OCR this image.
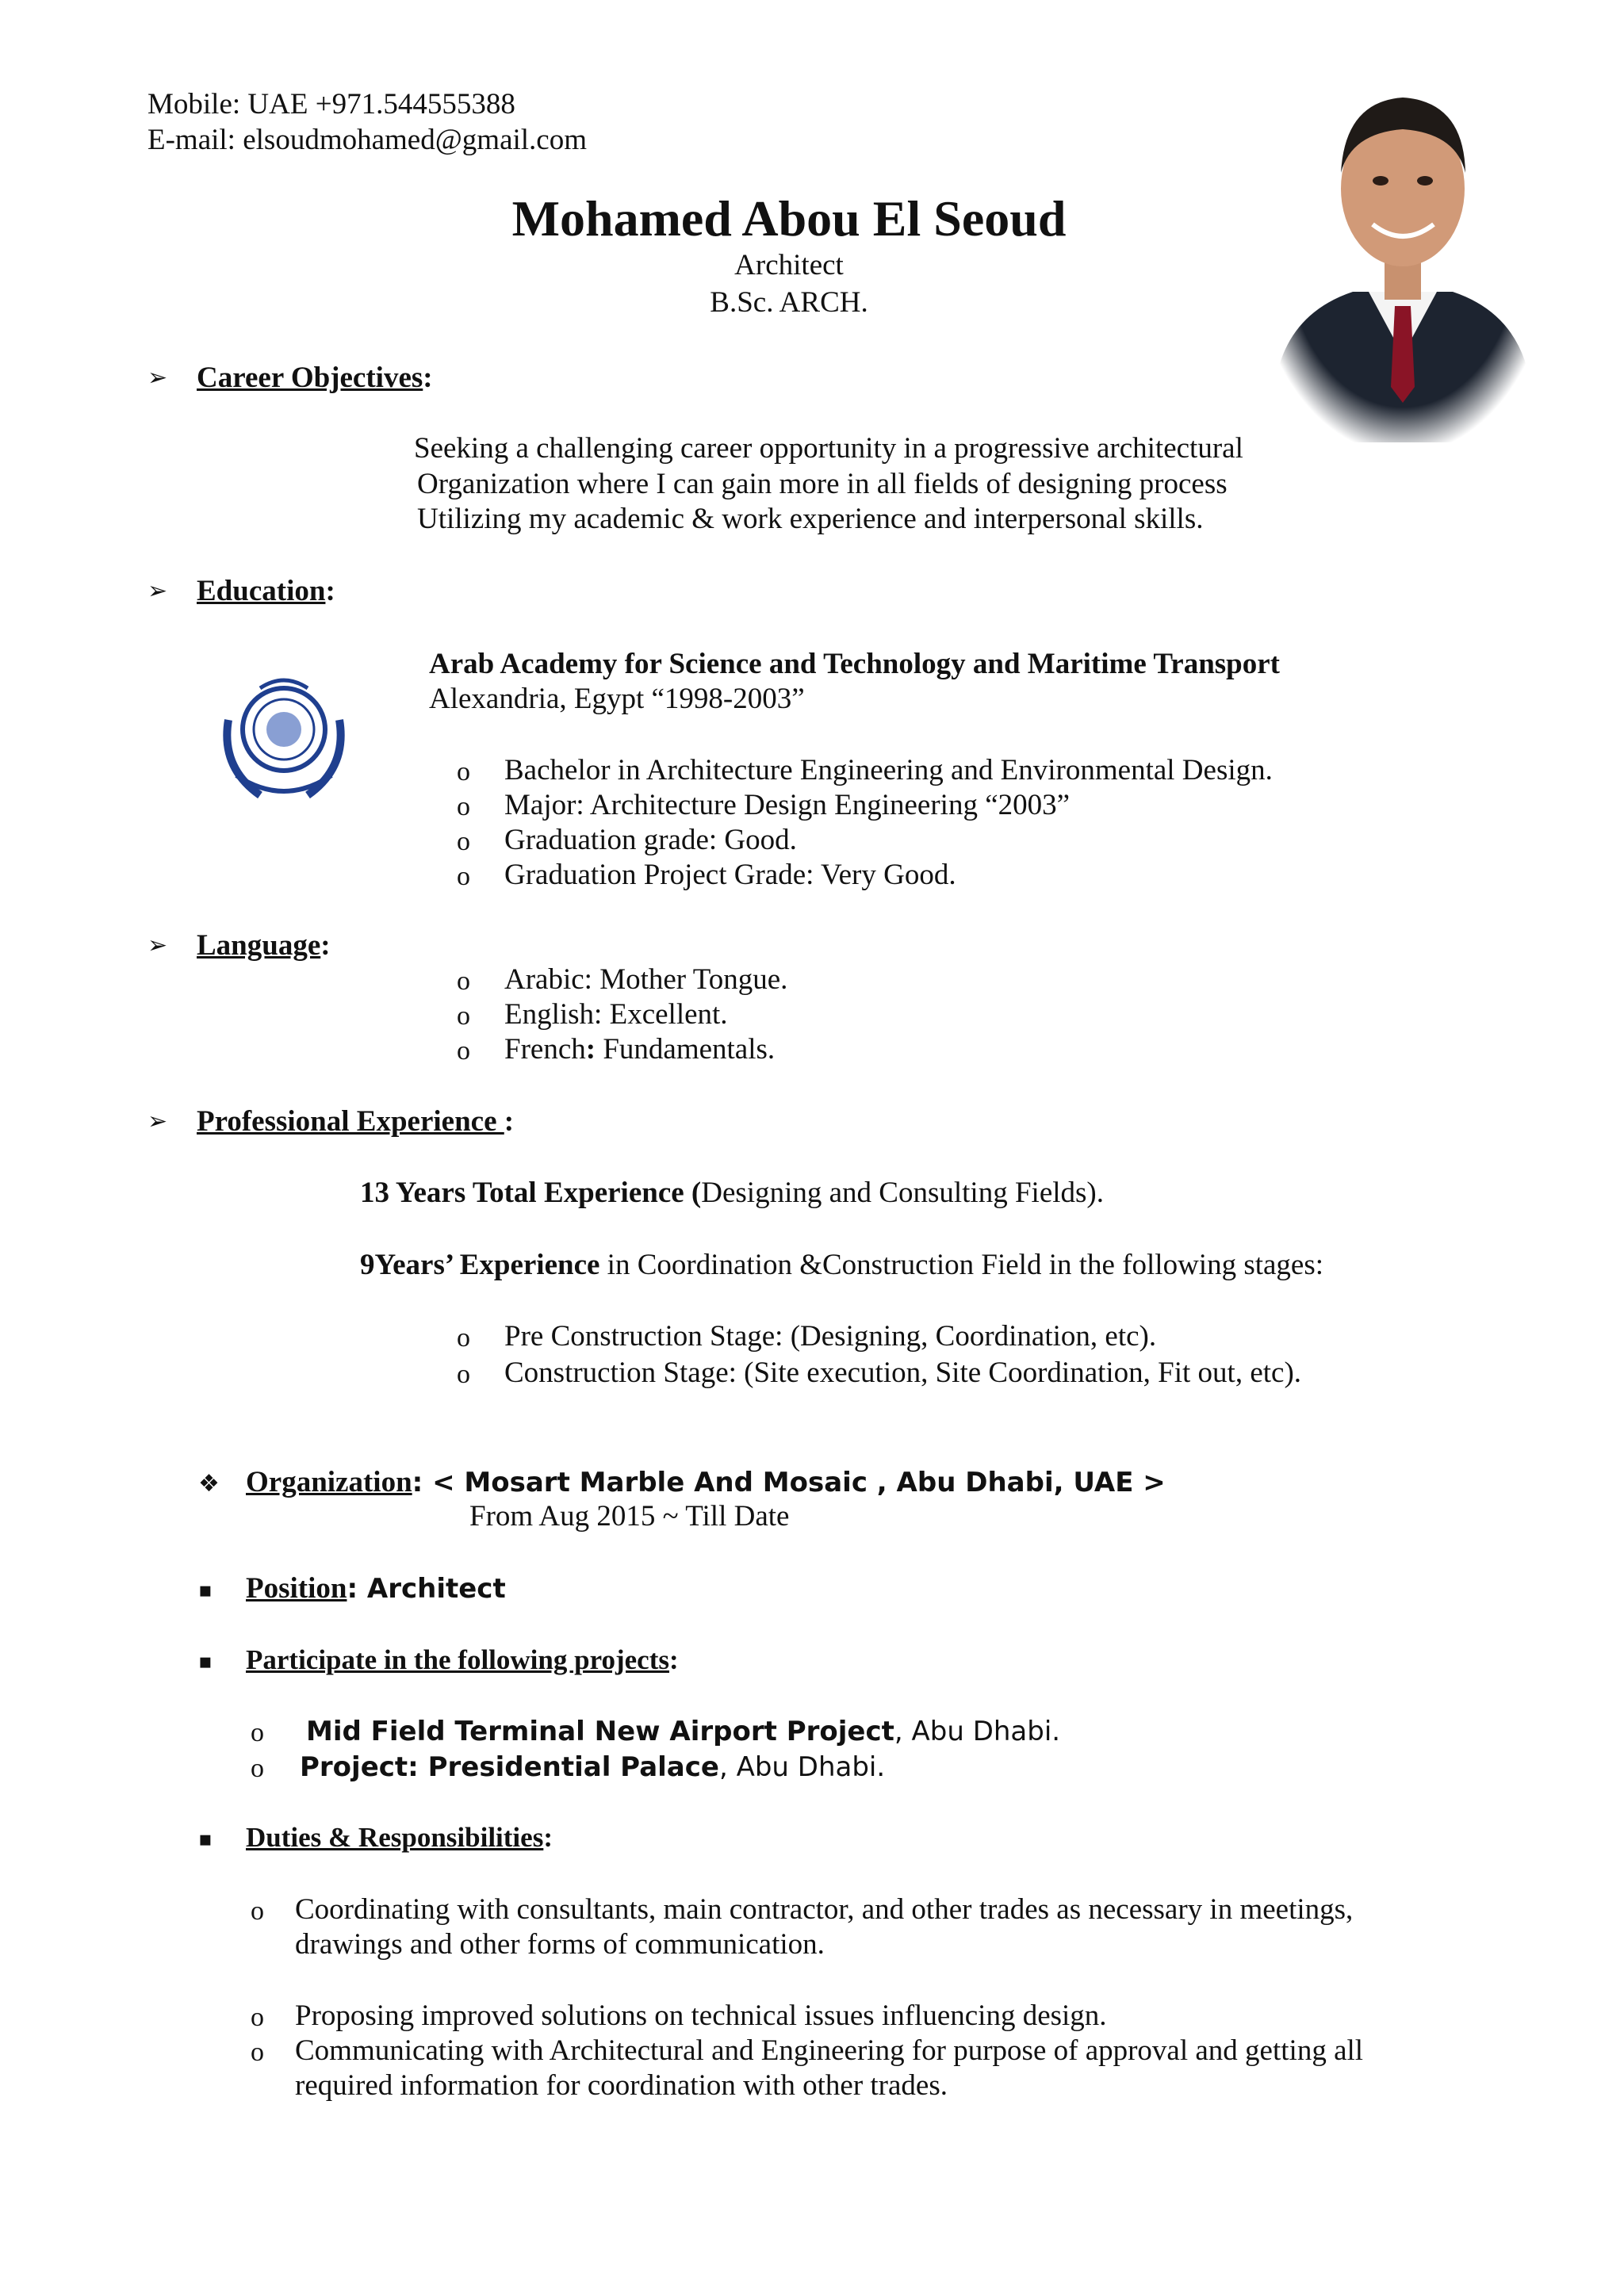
Mobile: UAE +971.544555388
E-mail: elsoudmohamed@gmail.com
Mohamed Abou El Seoud
Architect
B.Sc. ARCH.
➢ Career Objectives:
Seeking a challenging career opportunity in a progressive architectural
Organization where I can gain more in all fields of designing process
Utilizing my academic & work experience and interpersonal skills.
➢ Education:
Arab Academy for Science and Technology and Maritime Transport
Alexandria, Egypt “1998-2003”
o Bachelor in Architecture Engineering and Environmental Design.
o Major: Architecture Design Engineering “2003”
o Graduation grade: Good.
o Graduation Project Grade: Very Good.
➢ Language:
o Arabic: Mother Tongue.
o English: Excellent.
o French: Fundamentals.
➢ Professional Experience :
13 Years Total Experience (Designing and Consulting Fields).
9Years’ Experience in Coordination &Construction Field in the following stages:
o Pre Construction Stage: (Designing, Coordination, etc).
o Construction Stage: (Site execution, Site Coordination, Fit out, etc).
❖ Organization: < Mosart Marble And Mosaic , Abu Dhabi, UAE >
From Aug 2015 ~ Till Date
▪ Position: Architect
▪ Participate in the following projects:
o Mid Field Terminal New Airport Project, Abu Dhabi.
o Project: Presidential Palace, Abu Dhabi.
▪ Duties & Responsibilities:
o Coordinating with consultants, main contractor, and other trades as necessary in meetings,
drawings and other forms of communication.
o Proposing improved solutions on technical issues influencing design.
o Communicating with Architectural and Engineering for purpose of approval and getting all
required information for coordination with other trades.
